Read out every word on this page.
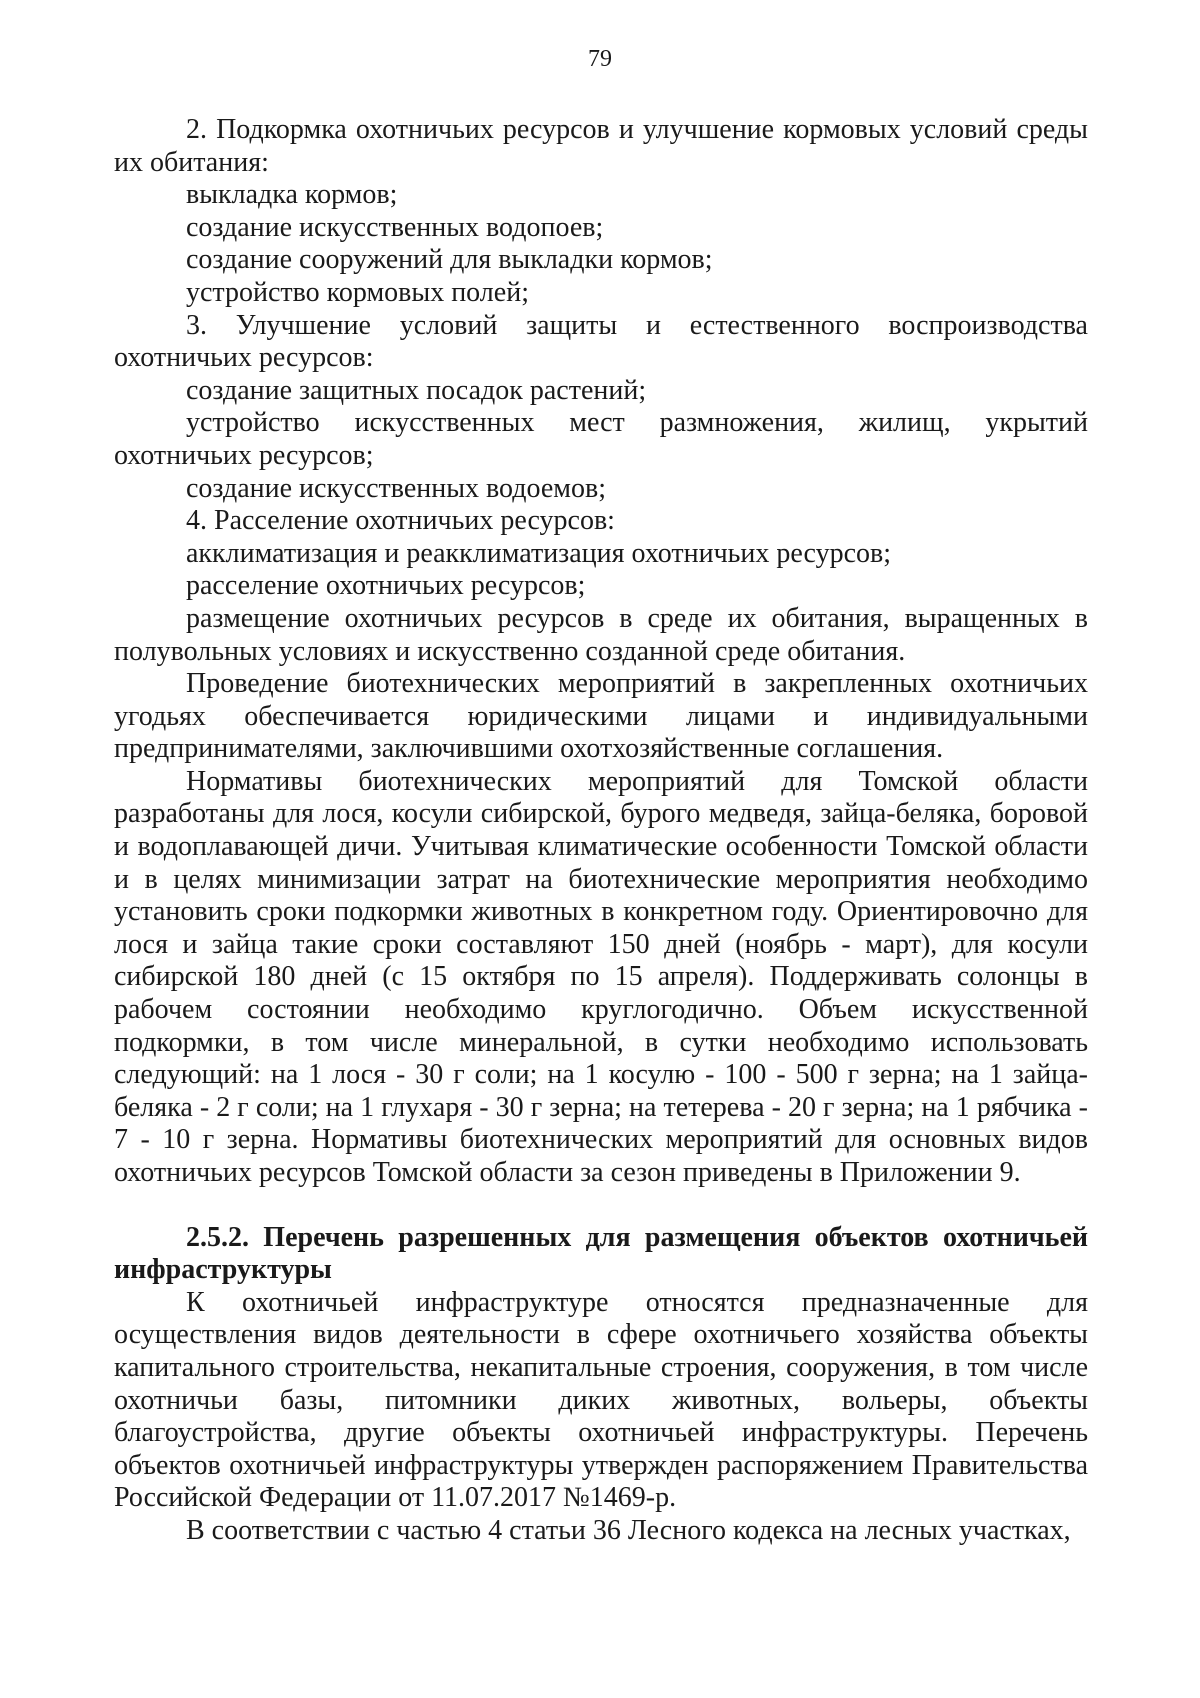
79

2. Подкормка охотничьих ресурсов и улучшение кормовых условий среды их обитания:

выкладка кормов;

создание искусственных водопоев;

создание сооружений для выкладки кормов;

устройство кормовых полей;

3. Улучшение условий защиты и естественного воспроизводства охотничьих ресурсов:

создание защитных посадок растений;

устройство искусственных мест размножения, жилищ, укрытий охотничьих ресурсов;

создание искусственных водоемов;

4. Расселение охотничьих ресурсов:

акклиматизация и реакклиматизация охотничьих ресурсов;

расселение охотничьих ресурсов;

размещение охотничьих ресурсов в среде их обитания, выращенных в полувольных условиях и искусственно созданной среде обитания.

Проведение биотехнических мероприятий в закрепленных охотничьих угодьях обеспечивается юридическими лицами и индивидуальными предпринимателями, заключившими охотхозяйственные соглашения.

Нормативы биотехнических мероприятий для Томской области разработаны для лося, косули сибирской, бурого медведя, зайца-беляка, боровой и водоплавающей дичи. Учитывая климатические особенности Томской области и в целях минимизации затрат на биотехнические мероприятия необходимо установить сроки подкормки животных в конкретном году. Ориентировочно для лося и зайца такие сроки составляют 150 дней (ноябрь - март), для косули сибирской 180 дней (с 15 октября по 15 апреля). Поддерживать солонцы в рабочем состоянии необходимо круглогодично. Объем искусственной подкормки, в том числе минеральной, в сутки необходимо использовать следующий: на 1 лося - 30 г соли; на 1 косулю - 100 - 500 г зерна; на 1 зайца-беляка - 2 г соли; на 1 глухаря - 30 г зерна; на тетерева - 20 г зерна; на 1 рябчика - 7 - 10 г зерна. Нормативы биотехнических мероприятий для основных видов охотничьих ресурсов Томской области за сезон приведены в Приложении 9.

2.5.2. Перечень разрешенных для размещения объектов охотничьей инфраструктуры

К охотничьей инфраструктуре относятся предназначенные для осуществления видов деятельности в сфере охотничьего хозяйства объекты капитального строительства, некапитальные строения, сооружения, в том числе охотничьи базы, питомники диких животных, вольеры, объекты благоустройства, другие объекты охотничьей инфраструктуры. Перечень объектов охотничьей инфраструктуры утвержден распоряжением Правительства Российской Федерации от 11.07.2017 №1469-р.

В соответствии с частью 4 статьи 36 Лесного кодекса на лесных участках,
